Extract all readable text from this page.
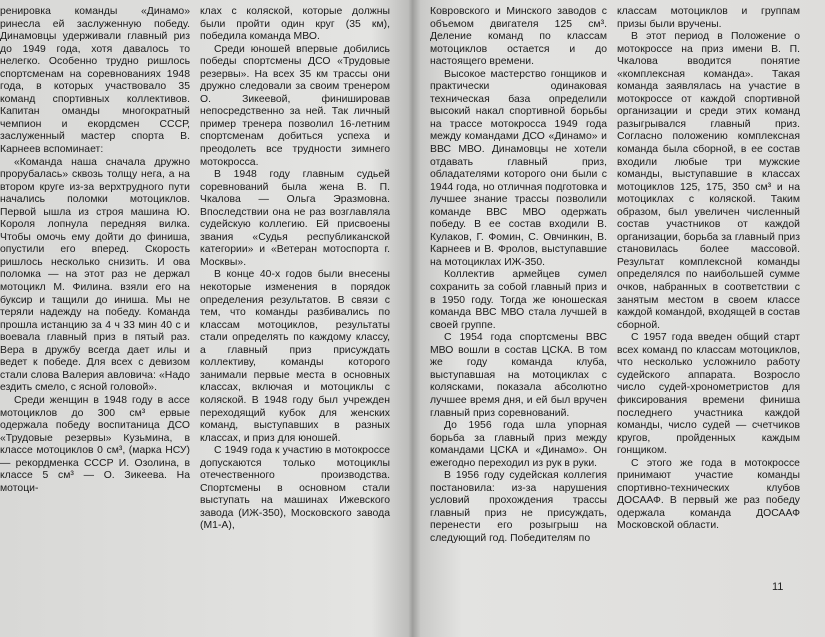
ренировка команды «Динамо» ринесла ей заслуженную победу. Динамовцы удерживали главный риз до 1949 года, хотя давалось то нелегко. Особенно трудно ришлось спортсменам на соревнованиях 1948 года, в которых участвовало 35 команд спортивных коллективов. Капитан оманды многократный чемпион и екордсмен СССР, заслуженный мастер спорта В. Карнеев вспоминает:

«Команда наша сначала дружно прорубалась» сквозь толщу нега, а на втором круге из-за верхтрудного пути начались поломки мотоциклов. Первой ышла из строя машина Ю. Короля лопнула передняя вилка. Чтобы омочь ему дойти до финиша, опустили его вперед. Скорость ришлось несколько снизить. И ова поломка — на этот раз не держал мотоцикл М. Филина. взяли его на буксир и тащили до иниша. Мы не теряли надежду на победу. Команда прошла истанцию за 4 ч 33 мин 40 с и воевала главный приз в пятый раз. Вера в дружбу всегда дает илы и ведет к победе. Для всех с девизом стали слова Валерия авловича: «Надо ездить смело, с ясной головой».

Среди женщин в 1948 году в ассе мотоциклов до 300 см³ ервые одержала победу воспитаница ДСО «Трудовые резервы» Кузьмина, в классе мотоциклов 0 см³, (марка НСУ) — рекордменка СССР И. Озолина, в классе 5 см³ — О. Зикеева. На мотоци-

клах с коляской, которые должны были пройти один круг (35 км), победила команда МВО.

Среди юношей впервые добились победы спортсмены ДСО «Трудовые резервы». На всех 35 км трассы они дружно следовали за своим тренером О. Зикеевой, финишировав непосредственно за ней. Так личный пример тренера позволил 16-летним спортсменам добиться успеха и преодолеть все трудности зимнего мотокросса.

В 1948 году главным судьей соревнований была жена В. П. Чкалова — Ольга Эразмовна. Впоследствии она не раз возглавляла судейскую коллегию. Ей присвоены звания «Судья республиканской категории» и «Ветеран мотоспорта г. Москвы».

В конце 40-х годов были внесены некоторые изменения в порядок определения результатов. В связи с тем, что команды разбивались по классам мотоциклов, результаты стали определять по каждому классу, а главный приз присуждать коллективу, команды которого занимали первые места в основных классах, включая и мотоциклы с коляской. В 1948 году был учрежден переходящий кубок для женских команд, выступавших в разных классах, и приз для юношей.

С 1949 года к участию в мотокроссе допускаются только мотоциклы отечественного производства. Спортсмены в основном стали выступать на машинах Ижевского завода (ИЖ-350), Московского завода (М1-А),

Ковровского и Минского заводов с объемом двигателя 125 см³. Деление команд по классам мотоциклов остается и до настоящего времени.

Высокое мастерство гонщиков и практически одинаковая техническая база определили высокий накал спортивной борьбы на трассе мотокросса 1949 года между командами ДСО «Динамо» и ВВС МВО. Динамовцы не хотели отдавать главный приз, обладателями которого они были с 1944 года, но отличная подготовка и лучшее знание трассы позволили команде ВВС МВО одержать победу. В ее состав входили В. Кулаков, Г. Фомин, С. Овчинкин, В. Карнеев и В. Фролов, выступавшие на мотоциклах ИЖ-350.

Коллектив армейцев сумел сохранить за собой главный приз и в 1950 году. Тогда же юношеская команда ВВС МВО стала лучшей в своей группе.

С 1954 года спортсмены ВВС МВО вошли в состав ЦСКА. В том же году команда клуба, выступавшая на мотоциклах с колясками, показала абсолютно лучшее время дня, и ей был вручен главный приз соревнований.

До 1956 года шла упорная борьба за главный приз между командами ЦСКА и «Динамо». Он ежегодно переходил из рук в руки.

В 1956 году судейская коллегия постановила: из-за нарушения условий прохождения трассы главный приз не присуждать, перенести его розыгрыш на следующий год. Победителям по

классам мотоциклов и группам призы были вручены.

В этот период в Положение о мотокроссе на приз имени В. П. Чкалова вводится понятие «комплексная команда». Такая команда заявлялась на участие в мотокроссе от каждой спортивной организации и среди этих команд разыгрывался главный приз. Согласно положению комплексная команда была сборной, в ее состав входили любые три мужские команды, выступавшие в классах мотоциклов 125, 175, 350 см³ и на мотоциклах с коляской. Таким образом, был увеличен численный состав участников от каждой организации, борьба за главный приз становилась более массовой. Результат комплексной команды определялся по наибольшей сумме очков, набранных в соответствии с занятым местом в своем классе каждой командой, входящей в состав сборной.

С 1957 года введен общий старт всех команд по классам мотоциклов, что несколько усложнило работу судейского аппарата. Возросло число судей-хронометристов для фиксирования времени финиша последнего участника каждой команды, число судей — счетчиков кругов, пройденных каждым гонщиком.

С этого же года в мотокроссе принимают участие команды спортивно-технических клубов ДОСААФ. В первый же раз победу одержала команда ДОСААФ Московской области.

11
